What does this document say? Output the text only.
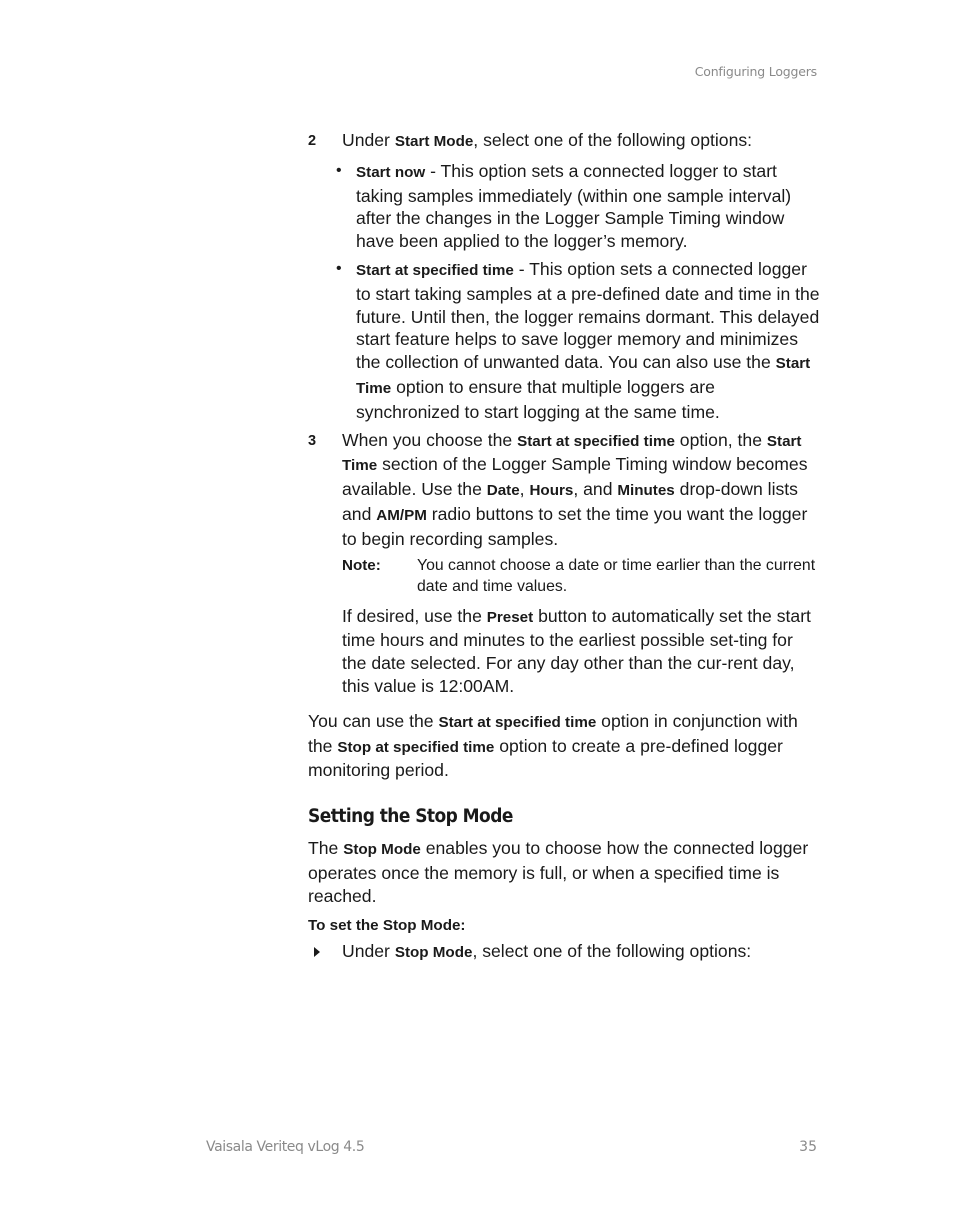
Configuring Loggers
2 Under Start Mode, select one of the following options:
• Start now - This option sets a connected logger to start taking samples immediately (within one sample interval) after the changes in the Logger Sample Timing window have been applied to the logger’s memory.
• Start at specified time - This option sets a connected logger to start taking samples at a pre-defined date and time in the future. Until then, the logger remains dormant. This delayed start feature helps to save logger memory and minimizes the collection of unwanted data. You can also use the Start Time option to ensure that multiple loggers are synchronized to start logging at the same time.
3 When you choose the Start at specified time option, the Start Time section of the Logger Sample Timing window becomes available. Use the Date, Hours, and Minutes drop-down lists and AM/PM radio buttons to set the time you want the logger to begin recording samples.
Note:	You cannot choose a date or time earlier than the current date and time values.
If desired, use the Preset button to automatically set the start time hours and minutes to the earliest possible set-ting for the date selected. For any day other than the cur-rent day, this value is 12:00AM.
You can use the Start at specified time option in conjunction with the Stop at specified time option to create a pre-defined logger monitoring period.
Setting the Stop Mode
The Stop Mode enables you to choose how the connected logger operates once the memory is full, or when a specified time is reached.
To set the Stop Mode:
Under Stop Mode, select one of the following options:
Vaisala Veriteq vLog 4.5	35
